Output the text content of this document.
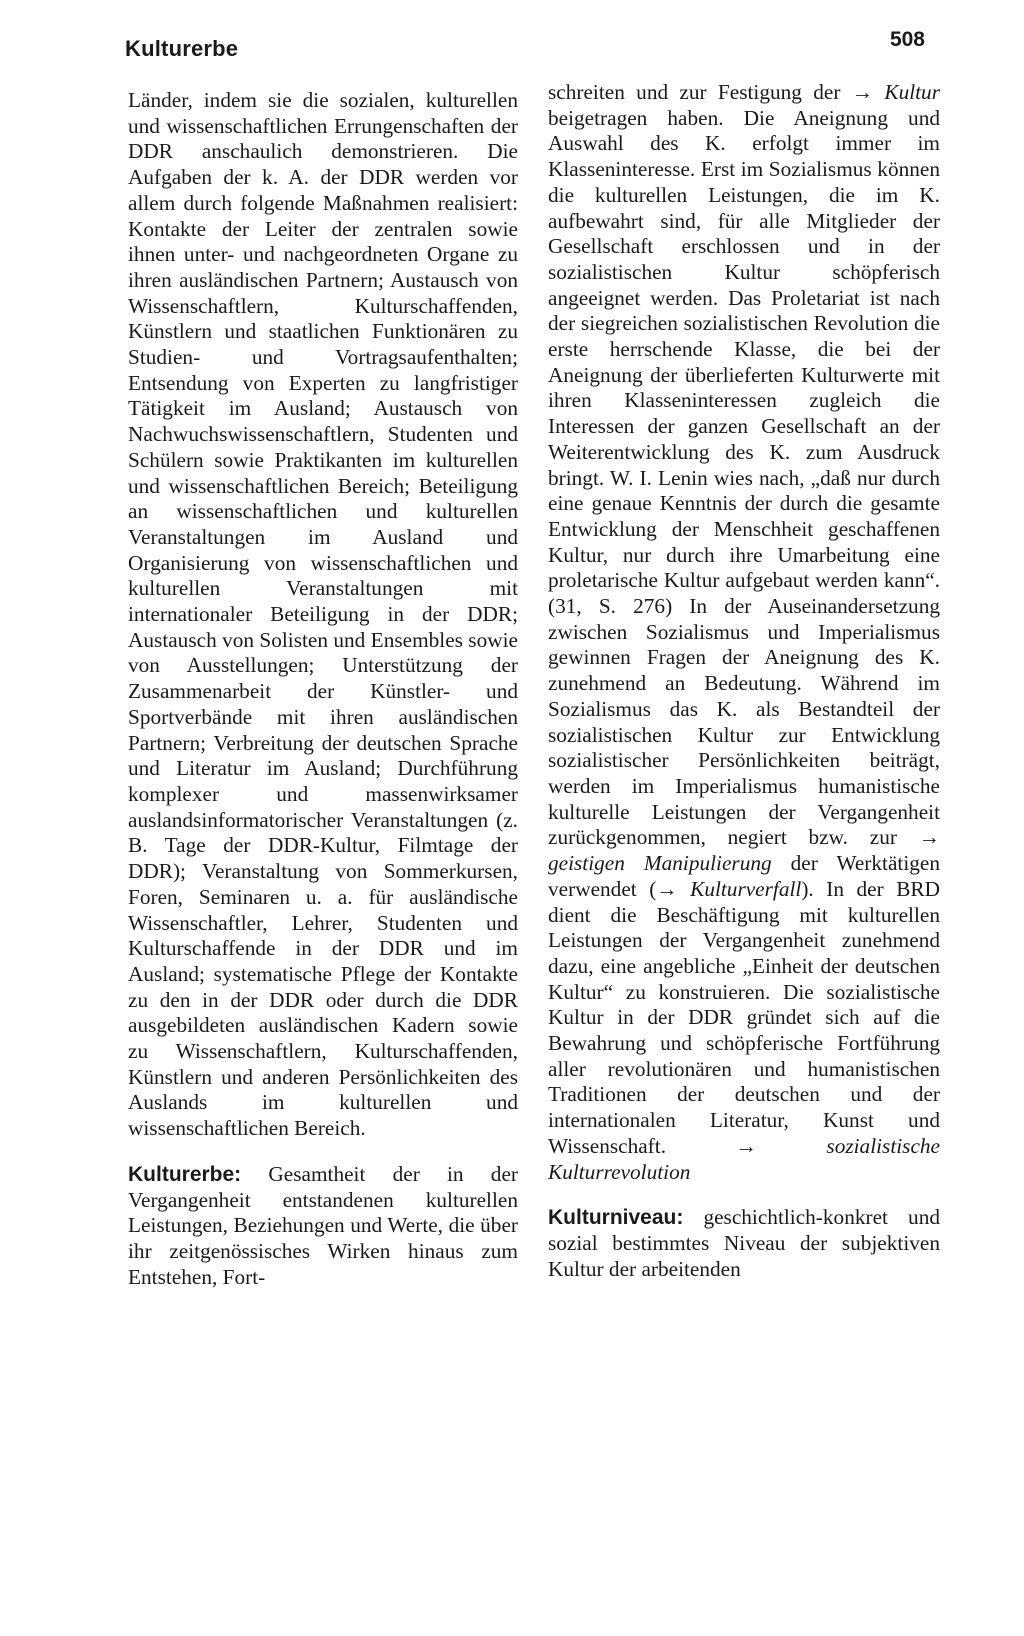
Kulturerbe	508

Länder, indem sie die sozialen, kulturellen und wissenschaftlichen Errungenschaften der DDR anschaulich demonstrieren. Die Aufgaben der k. A. der DDR werden vor allem durch folgende Maßnahmen realisiert: Kontakte der Leiter der zentralen sowie ihnen unter- und nachgeordneten Organe zu ihren ausländischen Partnern; Austausch von Wissenschaftlern, Kulturschaffenden, Künstlern und staatlichen Funktionären zu Studien- und Vortragsaufenthalten; Entsendung von Experten zu langfristiger Tätigkeit im Ausland; Austausch von Nachwuchswissenschaftlern, Studenten und Schülern sowie Praktikanten im kulturellen und wissenschaftlichen Bereich; Beteiligung an wissenschaftlichen und kulturellen Veranstaltungen im Ausland und Organisierung von wissenschaftlichen und kulturellen Veranstaltungen mit internationaler Beteiligung in der DDR; Austausch von Solisten und Ensembles sowie von Ausstellungen; Unterstützung der Zusammenarbeit der Künstler- und Sportverbände mit ihren ausländischen Partnern; Verbreitung der deutschen Sprache und Literatur im Ausland; Durchführung komplexer und massenwirksamer auslandsinformatorischer Veranstaltungen (z. B. Tage der DDR-Kultur, Filmtage der DDR); Veranstaltung von Sommerkursen, Foren, Seminaren u. a. für ausländische Wissenschaftler, Lehrer, Studenten und Kulturschaffende in der DDR und im Ausland; systematische Pflege der Kontakte zu den in der DDR oder durch die DDR ausgebildeten ausländischen Kadern sowie zu Wissenschaftlern, Kulturschaffenden, Künstlern und anderen Persönlichkeiten des Auslands im kulturellen und wissenschaftlichen Bereich.

Kulturerbe: Gesamtheit der in der Vergangenheit entstandenen kulturellen Leistungen, Beziehungen und Werte, die über ihr zeitgenössisches Wirken hinaus zum Entstehen, Fort-

schreiten und zur Festigung der → Kultur beigetragen haben. Die Aneignung und Auswahl des K. erfolgt immer im Klasseninteresse. Erst im Sozialismus können die kulturellen Leistungen, die im K. aufbewahrt sind, für alle Mitglieder der Gesellschaft erschlossen und in der sozialistischen Kultur schöpferisch angeeignet werden. Das Proletariat ist nach der siegreichen sozialistischen Revolution die erste herrschende Klasse, die bei der Aneignung der überlieferten Kulturwerte mit ihren Klasseninteressen zugleich die Interessen der ganzen Gesellschaft an der Weiterentwicklung des K. zum Ausdruck bringt. W. I. Lenin wies nach, „daß nur durch eine genaue Kenntnis der durch die gesamte Entwicklung der Menschheit geschaffenen Kultur, nur durch ihre Umarbeitung eine proletarische Kultur aufgebaut werden kann“. (31, S. 276) In der Auseinandersetzung zwischen Sozialismus und Imperialismus gewinnen Fragen der Aneignung des K. zunehmend an Bedeutung. Während im Sozialismus das K. als Bestandteil der sozialistischen Kultur zur Entwicklung sozialistischer Persönlichkeiten beiträgt, werden im Imperialismus humanistische kulturelle Leistungen der Vergangenheit zurückgenommen, negiert bzw. zur → geistigen Manipulierung der Werktätigen verwendet (→ Kulturverfall). In der BRD dient die Beschäftigung mit kulturellen Leistungen der Vergangenheit zunehmend dazu, eine angebliche „Einheit der deutschen Kultur“ zu konstruieren. Die sozialistische Kultur in der DDR gründet sich auf die Bewahrung und schöpferische Fortführung aller revolutionären und humanistischen Traditionen der deutschen und der internationalen Literatur, Kunst und Wissenschaft. →	sozialistische Kulturrevolution

Kulturniveau: geschichtlich-konkret und sozial bestimmtes Niveau der subjektiven Kultur der arbeitenden
